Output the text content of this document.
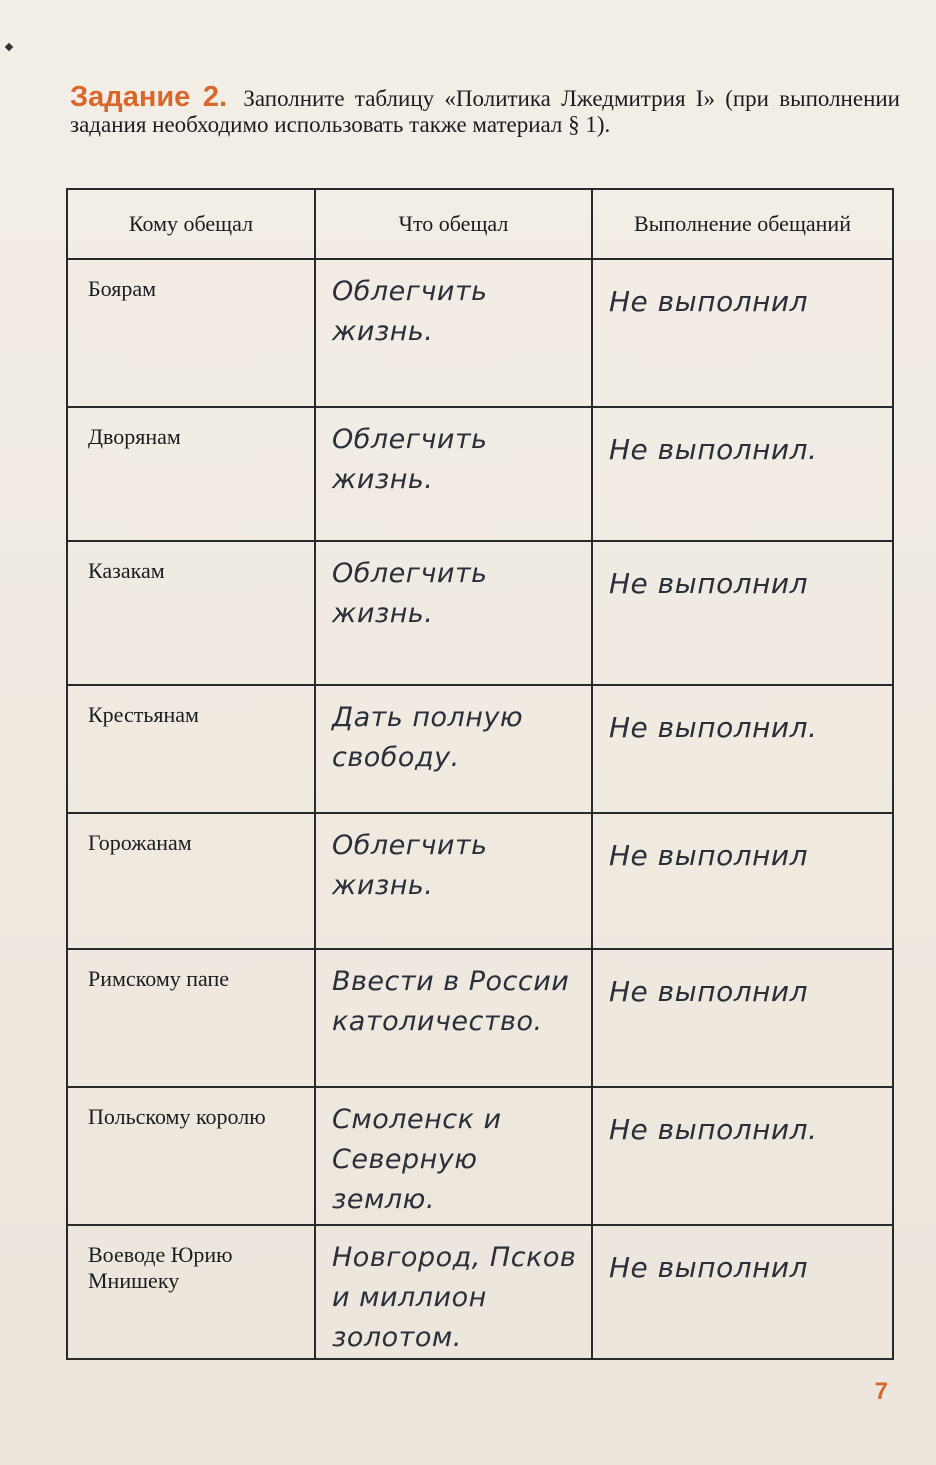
Задание 2. Заполните таблицу «Политика Лжедмитрия I» (при выполнении задания необходимо использовать также материал § 1).
Кому обещал	Что обещал	Выполнение обещаний

Боярам	Облегчить жизнь.	Не выполнил

Дворянам	Облегчить жизнь.	Не выполнил.

Казакам	Облегчить жизнь.	Не выполнил

Крестьянам	Дать полную свободу.	Не выполнил.

Горожанам	Облегчить жизнь.	Не выполнил

Римскому папе	Ввести в России католичество.	Не выполнил

Польскому королю	Смоленск и Северную землю.	Не выполнил.

Воеводе Юрию Мнишеку	Новгород, Псков и миллион золотом.	Не выполнил
7
